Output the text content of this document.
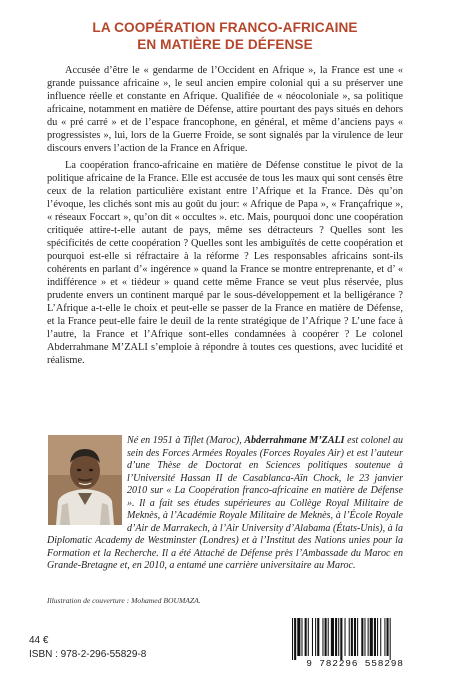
LA COOPÉRATION FRANCO-AFRICAINE
EN MATIÈRE DE DÉFENSE

Accusée d’être le « gendarme de l’Occident en Afrique », la France est une « grande puissance africaine », le seul ancien empire colonial qui a su préserver une influence réelle et constante en Afrique. Qualifiée de « néocoloniale », sa politique africaine, notamment en matière de Défense, attire pourtant des pays situés en dehors du « pré carré » et de l’espace francophone, en général, et même d’anciens pays « progressistes », lui, lors de la Guerre Froide, se sont signalés par la virulence de leur discours envers l’action de la France en Afrique.

La coopération franco-africaine en matière de Défense constitue le pivot de la politique africaine de la France. Elle est accusée de tous les maux qui sont censés être ceux de la relation particulière existant entre l’Afrique et la France. Dès qu’on l’évoque, les clichés sont mis au goût du jour: « Afrique de Papa », « Françafrique », « réseaux Foccart », qu’on dit « occultes ». etc. Mais, pourquoi donc une coopération critiquée attire-t-elle autant de pays, même ses détracteurs ? Quelles sont les spécificités de cette coopération ? Quelles sont les ambiguïtés de cette coopération et pourquoi est-elle si réfractaire à la réforme ? Les responsables africains sont-ils cohérents en parlant d’« ingérence » quand la France se montre entreprenante, et d’ « indifférence » et « tiédeur » quand cette même France se veut plus réservée, plus prudente envers un continent marqué par le sous-développement et la belligérance ? L’Afrique a-t-elle le choix et peut-elle se passer de la France en matière de Défense, et la France peut-elle faire le deuil de la rente stratégique de l’Afrique ? L’une face à l’autre, la France et l’Afrique sont-elles condamnées à coopérer ? Le colonel Abderrahmane M’ZALI s’emploie à répondre à toutes ces questions, avec lucidité et réalisme.

Né en 1951 à Tiflet (Maroc), Abderrahmane M’ZALI est colonel au sein des Forces Armées Royales (Forces Royales Air) et est l’auteur d’une Thèse de Doctorat en Sciences politiques soutenue à l’Université Hassan II de Casablanca-Aïn Chock, le 23 janvier 2010 sur « La Coopération franco-africaine en matière de Défense ». Il a fait ses études supérieures au Collège Royal Militaire de Meknès, à l’Académie Royale Militaire de Meknès, à l’École Royale d’Air de Marrakech, à l’Air University d’Alabama (États-Unis), à la Diplomatic Academy de Westminster (Londres) et à l’Institut des Nations unies pour la Formation et la Recherche. Il a été Attaché de Défense près l’Ambassade du Maroc en Grande-Bretagne et, en 2010, a entamé une carrière universitaire au Maroc.
Illustration de couverture : Mohamed BOUMAZA.
44 €
ISBN : 978-2-296-55829-8
9 782296 558298
